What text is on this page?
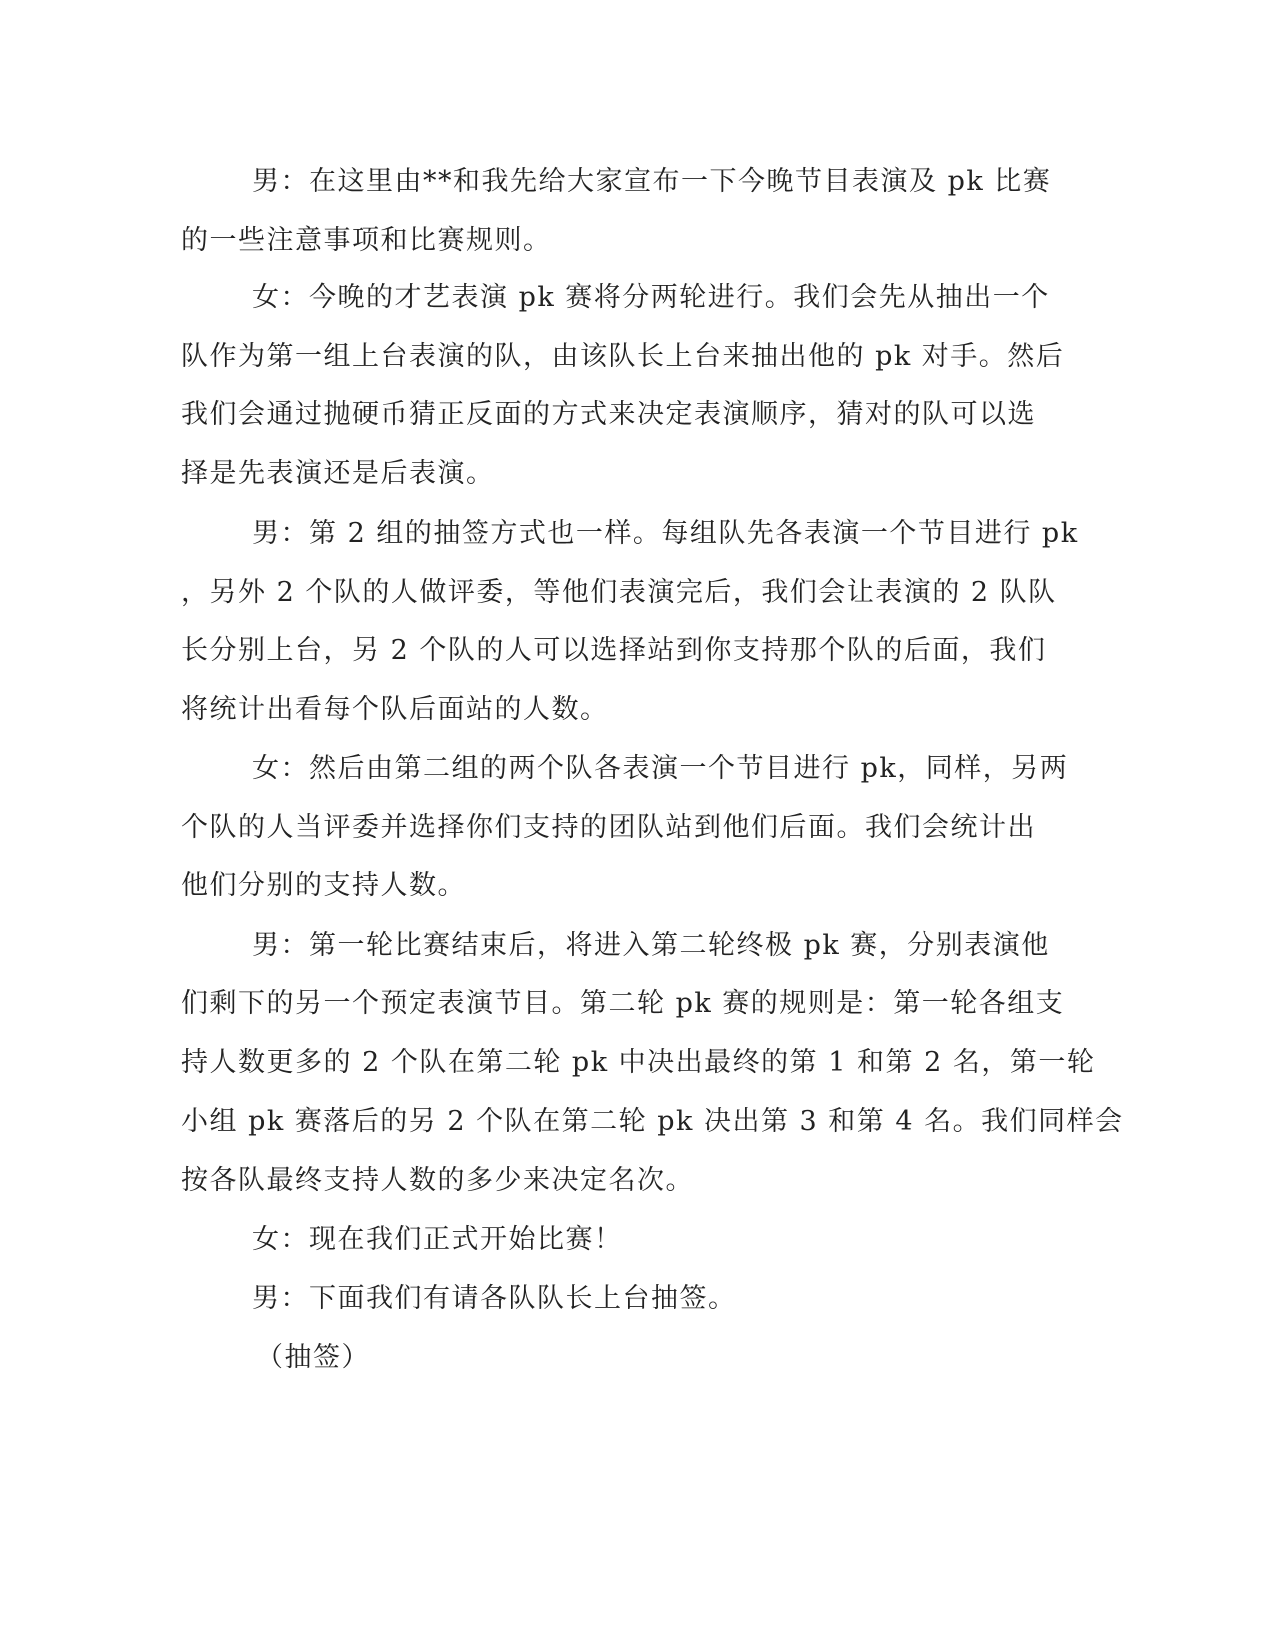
男：在这里由**和我先给大家宣布一下今晚节目表演及 pk 比赛

的一些注意事项和比赛规则。

女：今晚的才艺表演 pk 赛将分两轮进行。我们会先从抽出一个

队作为第一组上台表演的队，由该队长上台来抽出他的 pk 对手。然后

我们会通过抛硬币猜正反面的方式来决定表演顺序，猜对的队可以选

择是先表演还是后表演。

男：第 2 组的抽签方式也一样。每组队先各表演一个节目进行 pk

，另外 2 个队的人做评委，等他们表演完后，我们会让表演的 2 队队

长分别上台，另 2 个队的人可以选择站到你支持那个队的后面，我们

将统计出看每个队后面站的人数。

女：然后由第二组的两个队各表演一个节目进行 pk，同样，另两

个队的人当评委并选择你们支持的团队站到他们后面。我们会统计出

他们分别的支持人数。

男：第一轮比赛结束后，将进入第二轮终极 pk 赛，分别表演他

们剩下的另一个预定表演节目。第二轮 pk 赛的规则是：第一轮各组支

持人数更多的 2 个队在第二轮 pk 中决出最终的第 1 和第 2 名，第一轮

小组 pk 赛落后的另 2 个队在第二轮 pk 决出第 3 和第 4 名。我们同样会

按各队最终支持人数的多少来决定名次。

女：现在我们正式开始比赛！

男：下面我们有请各队队长上台抽签。

（抽签）
